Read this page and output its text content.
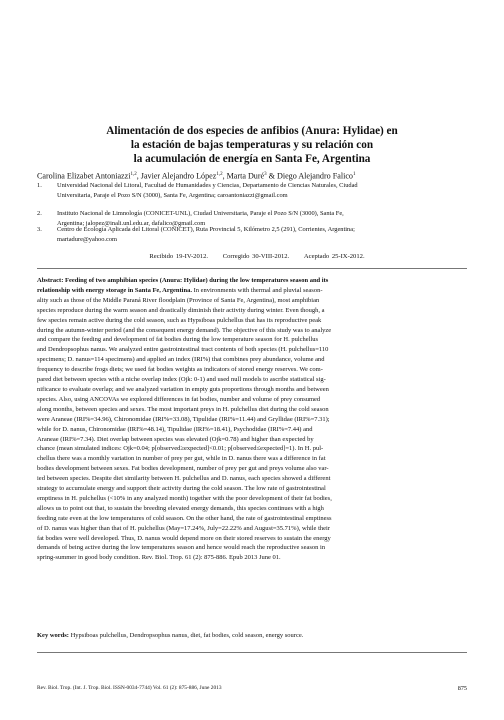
Alimentación de dos especies de anfibios (Anura: Hylidae) en
la estación de bajas temperaturas y su relación con
la acumulación de energía en Santa Fe, Argentina
Carolina Elizabet Antoniazzi$^{1,2}$, Javier Alejandro López$^{1,2}$, Marta Duré$^3$ & Diego Alejandro Falico$^1$
1. Universidad Nacional del Litoral, Facultad de Humanidades y Ciencias, Departamento de Ciencias Naturales, Ciudad
Universitaria, Paraje el Pozo S/N (3000), Santa Fe, Argentina; caroantoniazzi@gmail.com
2. Instituto Nacional de Limnología (CONICET-UNL), Ciudad Universitaria, Paraje el Pozo S/N (3000), Santa Fe,
Argentina; jalopez@inali.unl.edu.ar, dafalico@gmail.com
3. Centro de Ecología Aplicada del Litoral (CONICET), Ruta Provincial 5, Kilómetro 2,5 (291), Corrientes, Argentina;
martadure@yahoo.com
Recibido 19-IV-2012. Corregido 30-VIII-2012. Aceptado 25-IX-2012.
Abstract: Feeding of two amphibian species (Anura: Hylidae) during the low temperatures season and its
relationship with energy storage in Santa Fe, Argentina. In environments with thermal and pluvial season-
ality such as those of the Middle Paraná River floodplain (Province of Santa Fe, Argentina), most amphibian
species reproduce during the warm season and drastically diminish their activity during winter. Even though, a
few species remain active during the cold season, such as Hypsiboas pulchellus that has its reproductive peak
during the autumn-winter period (and the consequent energy demand). The objective of this study was to analyze
and compare the feeding and development of fat bodies during the low temperature season for H. pulchellus
and Dendropsophus nanus. We analyzed entire gastrointestinal tract contents of both species (H. pulchellus=110
specimens; D. nanus=114 specimens) and applied an index (IRI%) that combines prey abundance, volume and
frequency to describe frogs diets; we used fat bodies weights as indicators of stored energy reserves. We com-
pared diet between species with a niche overlap index (Ojk: 0-1) and used null models to ascribe statistical sig-
nificance to evaluate overlap; and we analyzed variation in empty guts proportions through months and between
species. Also, using ANCOVAs we explored differences in fat bodies, number and volume of prey consumed
along months, between species and sexes. The most important preys in H. pulchellus diet during the cold season
were Araneae (IRI%=34.96), Chironomidae (IRI%=33.08), Tipulidae (IRI%=11.44) and Gryllidae (IRI%=7.31);
while for D. nanus, Chironomidae (IRI%=48.14), Tipulidae (IRI%=18.41), Psychodidae (IRI%=7.44) and
Araneae (IRI%=7.34). Diet overlap between species was elevated (Ojk=0.78) and higher than expected by
chance (mean simulated indices: Ojk=0.04; p[observed≥expected]<0.01; p[observed≤expected]=1). In H. pul-
chellus there was a monthly variation in number of prey per gut, while in D. nanus there was a difference in fat
bodies development between sexes. Fat bodies development, number of prey per gut and preys volume also var-
ied between species. Despite diet similarity between H. pulchellus and D. nanus, each species showed a different
strategy to accumulate energy and support their activity during the cold season. The low rate of gastrointestinal
emptiness in H. pulchellus (<10% in any analyzed month) together with the poor development of their fat bodies,
allows us to point out that, to sustain the breeding elevated energy demands, this species continues with a high
feeding rate even at the low temperatures of cold season. On the other hand, the rate of gastrointestinal emptiness
of D. nanus was higher than that of H. pulchellus (May=17.24%, July=22.22% and August=35.71%), while their
fat bodies were well developed. Thus, D. nanus would depend more on their stored reserves to sustain the energy
demands of being active during the low temperatures season and hence would reach the reproductive season in
spring-summer in good body condition. Rev. Biol. Trop. 61 (2): 875-886. Epub 2013 June 01.
Key words: Hypsiboas pulchellus, Dendropsophus nanus, diet, fat bodies, cold season, energy source.
Rev. Biol. Trop. (Int. J. Trop. Biol. ISSN-0034-7744) Vol. 61 (2): 875-886, June 2013	875
